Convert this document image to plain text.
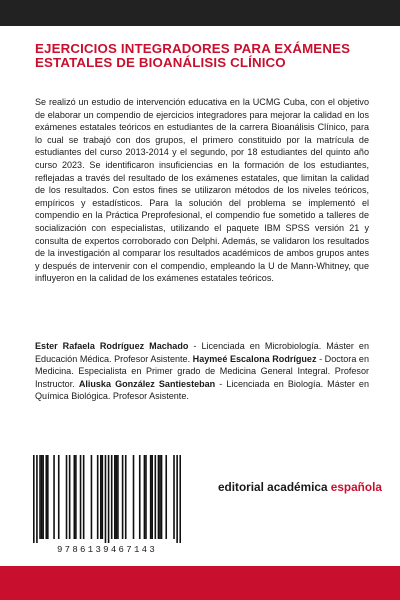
EJERCICIOS INTEGRADORES PARA EXÁMENES ESTATALES DE BIOANÁLISIS CLÍNICO

Se realizó un estudio de intervención educativa en la UCMG Cuba, con el objetivo de elaborar un compendio de ejercicios integradores para mejorar la calidad en los exámenes estatales teóricos en estudiantes de la carrera Bioanálisis Clínico, para lo cual se trabajó con dos grupos, el primero constituido por la matrícula de estudiantes del curso 2013-2014 y el segundo, por 18 estudiantes del quinto año curso 2023. Se identificaron insuficiencias en la formación de los estudiantes, reflejadas a través del resultado de los exámenes estatales, que limitan la calidad de los resultados. Con estos fines se utilizaron métodos de los niveles teóricos, empíricos y estadísticos. Para la solución del problema se implementó el compendio en la Práctica Preprofesional, el compendio fue sometido a talleres de socialización con especialistas, utilizando el paquete IBM SPSS versión 21 y consulta de expertos corroborado con Delphi. Además, se validaron los resultados de la investigación al comparar los resultados académicos de ambos grupos antes y después de intervenir con el compendio, empleando la U de Mann-Whitney, que influyeron en la calidad de los exámenes estatales teóricos.

Ester Rafaela Rodríguez Machado - Licenciada en Microbiología. Máster en Educación Médica. Profesor Asistente. Haymeé Escalona Rodríguez - Doctora en Medicina. Especialista en Primer grado de Medicina General Integral. Profesor Instructor. Aliuska González Santiesteban - Licenciada en Biología. Máster en Química Biológica. Profesor Asistente.

9786139467143

editorial académica española
